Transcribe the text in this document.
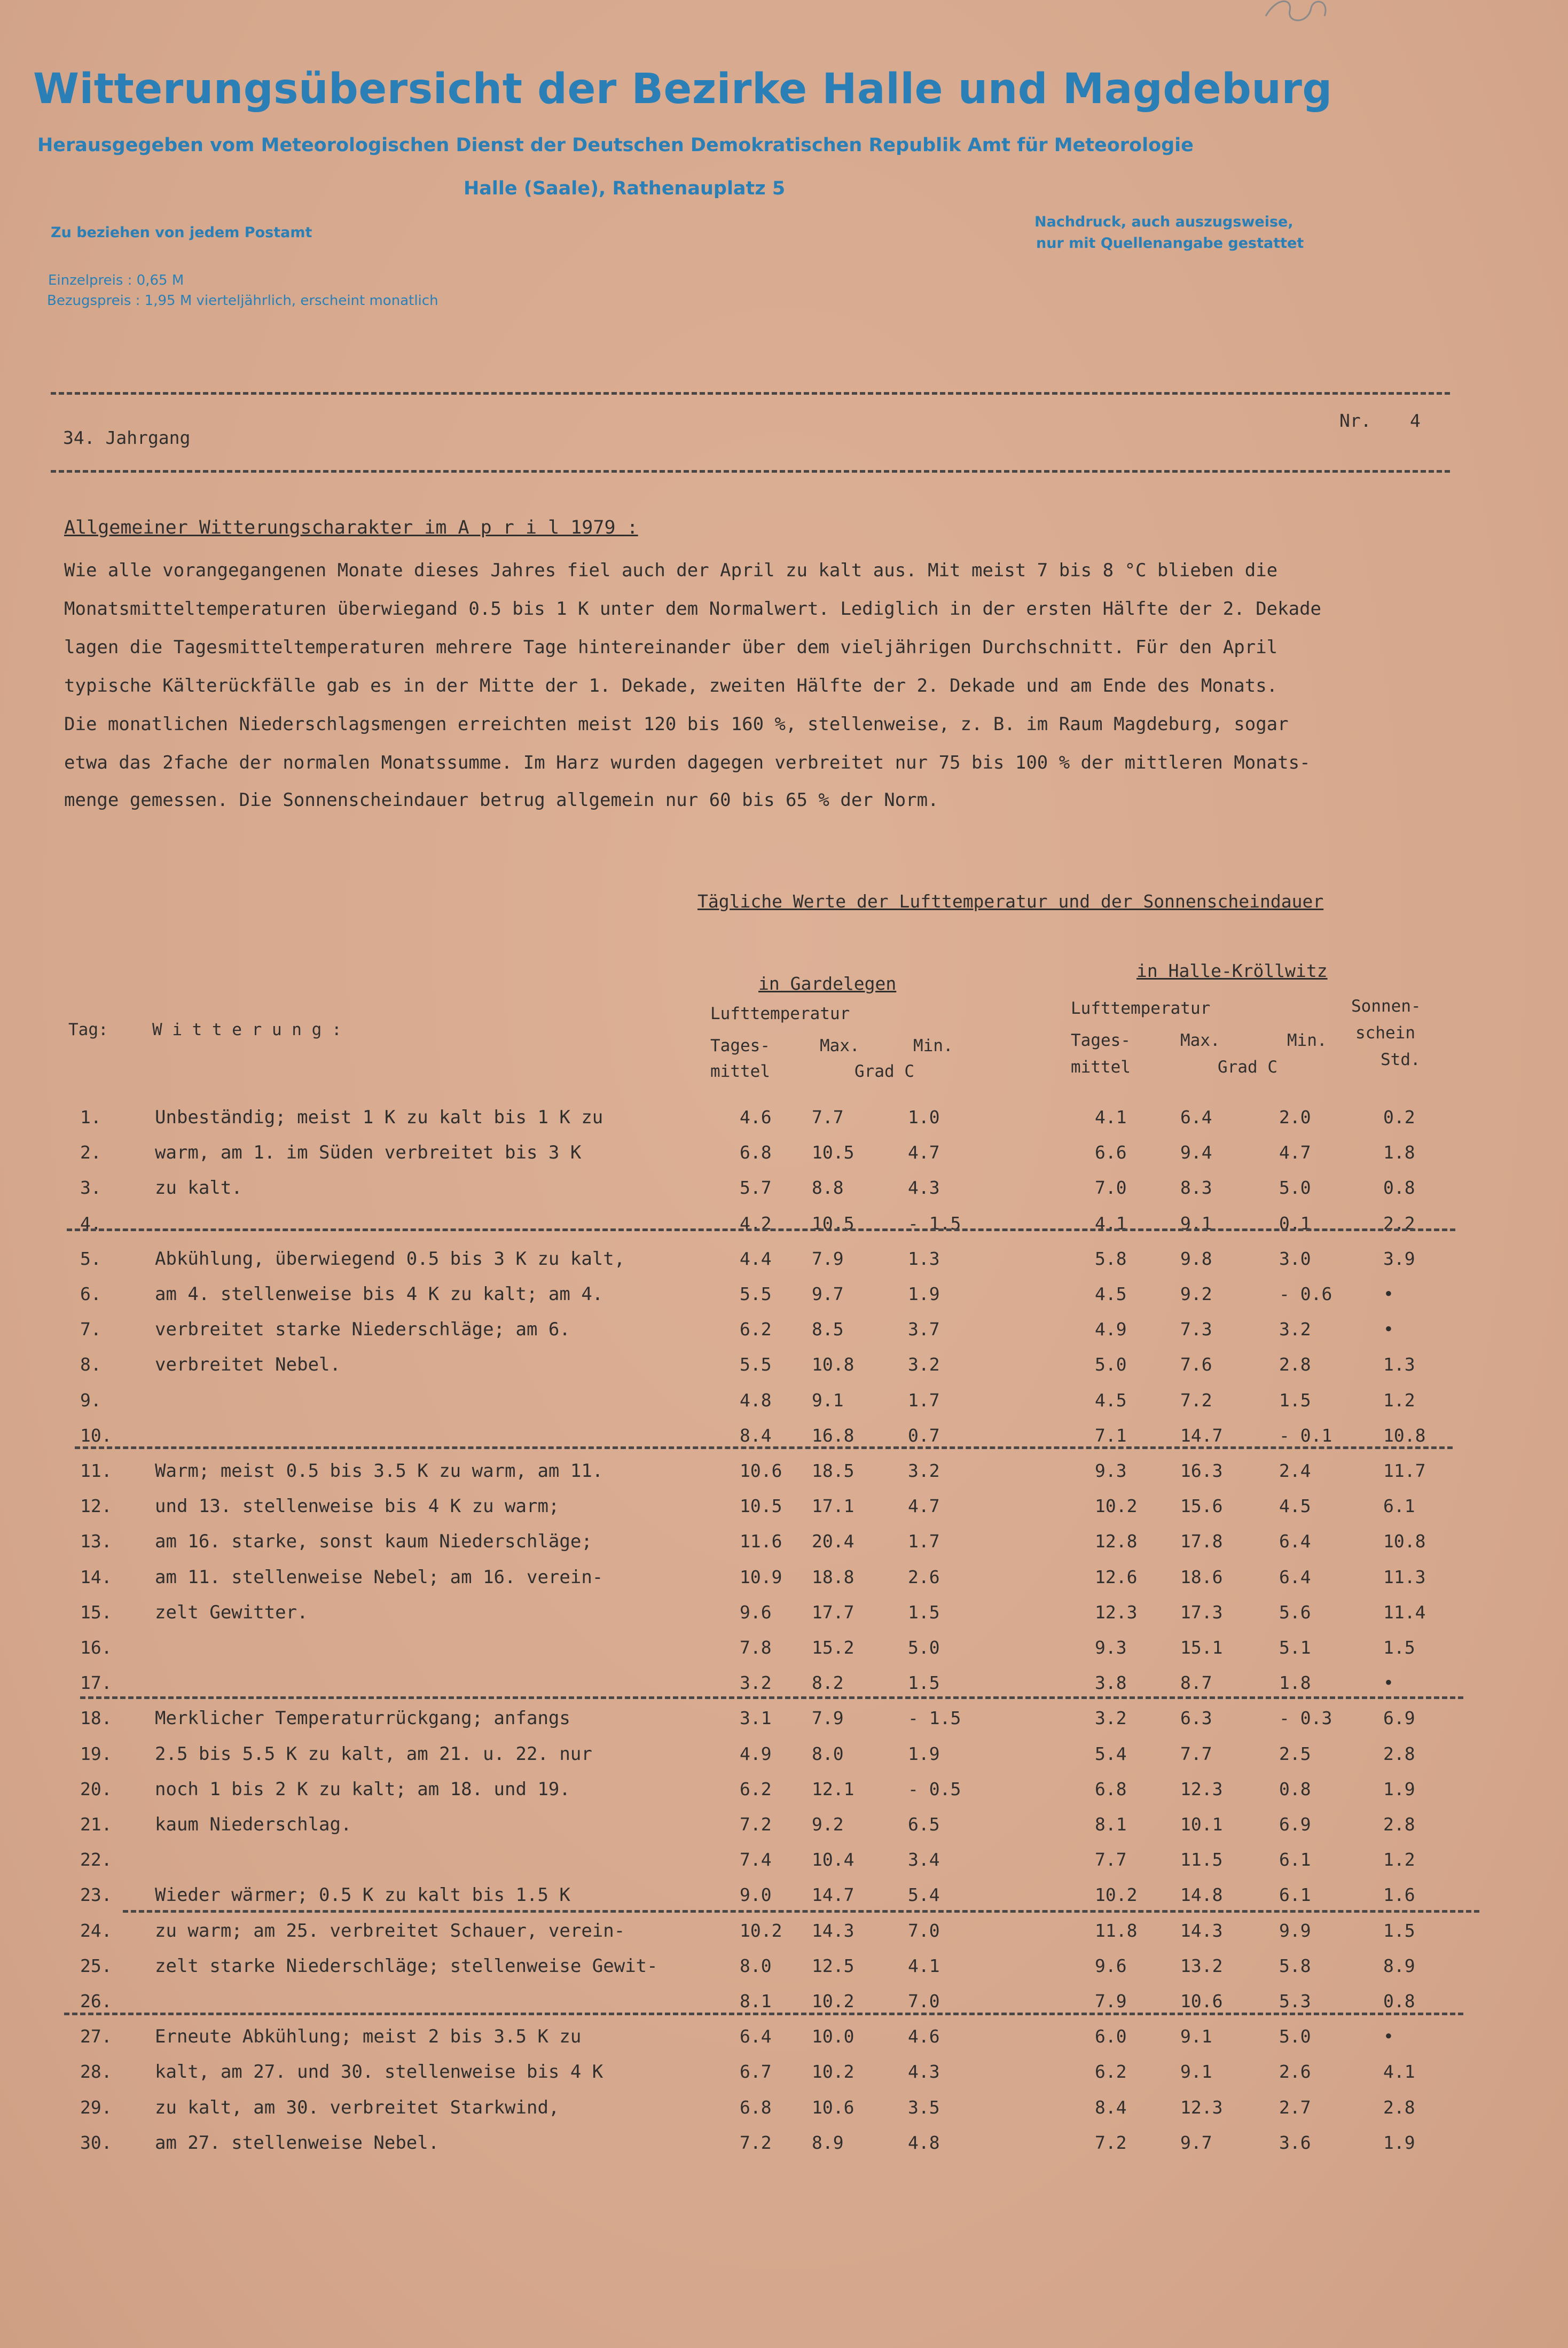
Witterungsübersicht der Bezirke Halle und Magdeburg
Herausgegeben vom Meteorologischen Dienst der Deutschen Demokratischen Republik Amt für Meteorologie
Halle (Saale), Rathenauplatz 5
Zu beziehen von jedem Postamt
Einzelpreis : 0,65 M
Bezugspreis : 1,95 M vierteljährlich, erscheint monatlich
Nachdruck, auch auszugsweise,
nur mit Quellenangabe gestattet
34. Jahrgang
Nr. 4
Allgemeiner Witterungscharakter im A p r i l 1979 :
Wie alle vorangegangenen Monate dieses Jahres fiel auch der April zu kalt aus. Mit meist 7 bis 8 °C blieben die
Monatsmitteltemperaturen überwiegand 0.5 bis 1 K unter dem Normalwert. Lediglich in der ersten Hälfte der 2. Dekade
lagen die Tagesmitteltemperaturen mehrere Tage hintereinander über dem vieljährigen Durchschnitt. Für den April
typische Kälterückfälle gab es in der Mitte der 1. Dekade, zweiten Hälfte der 2. Dekade und am Ende des Monats.
Die monatlichen Niederschlagsmengen erreichten meist 120 bis 160 %, stellenweise, z. B. im Raum Magdeburg, sogar
etwa das 2fache der normalen Monatssumme. Im Harz wurden dagegen verbreitet nur 75 bis 100 % der mittleren Monats-
menge gemessen. Die Sonnenscheindauer betrug allgemein nur 60 bis 65 % der Norm.
Tägliche Werte der Lufttemperatur und der Sonnenscheindauer
in Halle-Kröllwitz
in Gardelegen
Tag:	W i t t e r u n g :
Lufttemperatur
Tages-
mittel
Max.
Grad C
Min.
Lufttemperatur
Tages-
mittel
Max.
Grad C
Min.
Sonnen-
schein
Std.
1.	Unbeständig; meist 1 K zu kalt bis 1 K zu	4.6 7.7	1.0	4.1	6.4	2.0	0.2
2.	warm, am 1. im Süden verbreitet bis 3 K	6.8 10.5	4.7	6.6	9.4	4.7	1.8
3.	zu kalt.	5.7 8.8	4.3	7.0	8.3	5.0	0.8
4.	4.2 10.5	- 1.5	4.1	9.1	0.1	2.2
5.	Abkühlung, überwiegend 0.5 bis 3 K zu kalt,	4.4 7.9	1.3	5.8	9.8	3.0	3.9
6.	am 4. stellenweise bis 4 K zu kalt; am 4.	5.5 9.7	1.9	4.5	9.2	- 0.6	•
7.	verbreitet starke Niederschläge; am 6.	6.2 8.5	3.7	4.9	7.3	3.2	•
8.	verbreitet Nebel.	5.5 10.8	3.2	5.0	7.6	2.8	1.3
9.	4.8 9.1	1.7	4.5	7.2	1.5	1.2
10.	8.4 16.8	0.7	7.1	14.7	- 0.1	10.8
11. Warm; meist 0.5 bis 3.5 K zu warm, am 11.	10.6 18.5	3.2	9.3	16.3	2.4	11.7
12. und 13. stellenweise bis 4 K zu warm;	10.5 17.1	4.7	10.2 15.6	4.5	6.1
13. am 16. starke, sonst kaum Niederschläge;	11.6 20.4	1.7	12.8 17.8	6.4	10.8
14. am 11. stellenweise Nebel; am 16. verein-	10.9 18.8	2.6	12.6 18.6	6.4	11.3
15. zelt Gewitter.	9.6 17.7	1.5	12.3 17.3	5.6	11.4
16.	7.8 15.2	5.0	9.3	15.1	5.1	1.5
17.	3.2 8.2	1.5	3.8	8.7	1.8	•
18. Merklicher Temperaturrückgang; anfangs	3.1 7.9	- 1.5	3.2	6.3	- 0.3	6.9
19. 2.5 bis 5.5 K zu kalt, am 21. u. 22. nur	4.9 8.0	1.9	5.4	7.7	2.5	2.8
20. noch 1 bis 2 K zu kalt; am 18. und 19.	6.2 12.1	- 0.5	6.8	12.3	0.8	1.9
21. kaum Niederschlag.	7.2 9.2	6.5	8.1	10.1	6.9	2.8
22.	7.4 10.4	3.4	7.7	11.5	6.1	1.2
23. Wieder wärmer; 0.5 K zu kalt bis 1.5 K	9.0 14.7	5.4	10.2 14.8	6.1	1.6
24. zu warm; am 25. verbreitet Schauer, verein-	10.2 14.3	7.0	11.8 14.3	9.9	1.5
25. zelt starke Niederschläge; stellenweise Gewit-	8.0 12.5	4.1	9.6	13.2	5.8	8.9
26.	8.1 10.2	7.0	7.9	10.6	5.3	0.8
27. Erneute Abkühlung; meist 2 bis 3.5 K zu	6.4 10.0	4.6	6.0	9.1	5.0	•
28. kalt, am 27. und 30. stellenweise bis 4 K	6.7 10.2	4.3	6.2	9.1	2.6	4.1
29. zu kalt, am 30. verbreitet Starkwind,	6.8 10.6	3.5	8.4	12.3	2.7	2.8
30. am 27. stellenweise Nebel.	7.2 8.9	4.8	7.2	9.7	3.6	1.9
